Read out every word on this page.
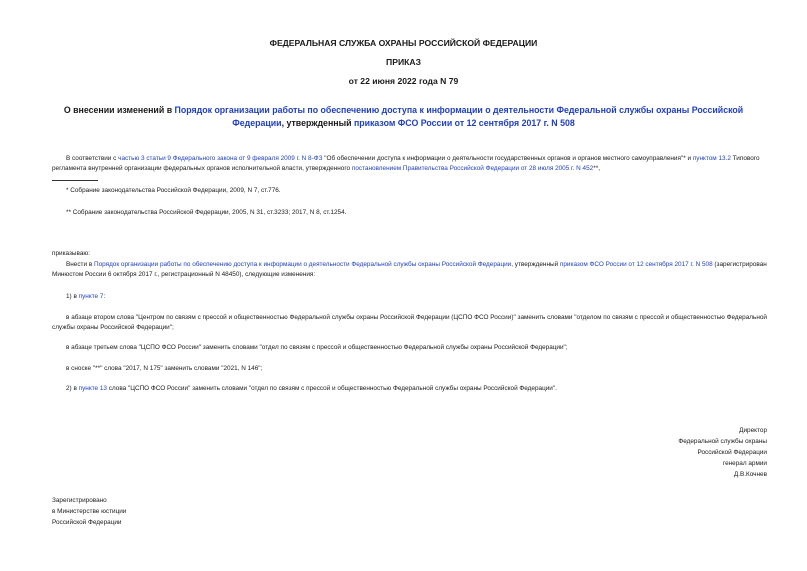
ФЕДЕРАЛЬНАЯ СЛУЖБА ОХРАНЫ РОССИЙСКОЙ ФЕДЕРАЦИИ
ПРИКАЗ
от 22 июня 2022 года N 79
О внесении изменений в Порядок организации работы по обеспечению доступа к информации о деятельности Федеральной службы охраны Российской Федерации, утвержденный приказом ФСО России от 12 сентября 2017 г. N 508
В соответствии с частью 3 статьи 9 Федерального закона от 9 февраля 2009 г. N 8-ФЗ "Об обеспечении доступа к информации о деятельности государственных органов и органов местного самоуправления"* и пунктом 13.2 Типового регламента внутренней организации федеральных органов исполнительной власти, утвержденного постановлением Правительства Российской Федерации от 28 июля 2005 г. N 452**,
* Собрание законодательства Российской Федерации, 2009, N 7, ст.776.
** Собрание законодательства Российской Федерации, 2005, N 31, ст.3233; 2017, N 8, ст.1254.
приказываю:
Внести в Порядок организации работы по обеспечению доступа к информации о деятельности Федеральной службы охраны Российской Федерации, утвержденный приказом ФСО России от 12 сентября 2017 г. N 508 (зарегистрирован Минюстом России 6 октября 2017 г., регистрационный N 48450), следующие изменения:
1) в пункте 7:
в абзаце втором слова "Центром по связям с прессой и общественностью Федеральной службы охраны Российской Федерации (ЦСПО ФСО России)" заменить словами "отделом по связям с прессой и общественностью Федеральной службы охраны Российской Федерации";
в абзаце третьем слова "ЦСПО ФСО России" заменить словами "отдел по связям с прессой и общественностью Федеральной службы охраны Российской Федерации";
в сноске "**" слова "2017, N 175" заменить словами "2021, N 146";
2) в пункте 13 слова "ЦСПО ФСО России" заменить словами "отдел по связям с прессой и общественностью Федеральной службы охраны Российской Федерации".
Директор
Федеральной службы охраны
Российской Федерации
генерал армии
Д.В.Кочнев
Зарегистрировано
в Министерстве юстиции
Российской Федерации
